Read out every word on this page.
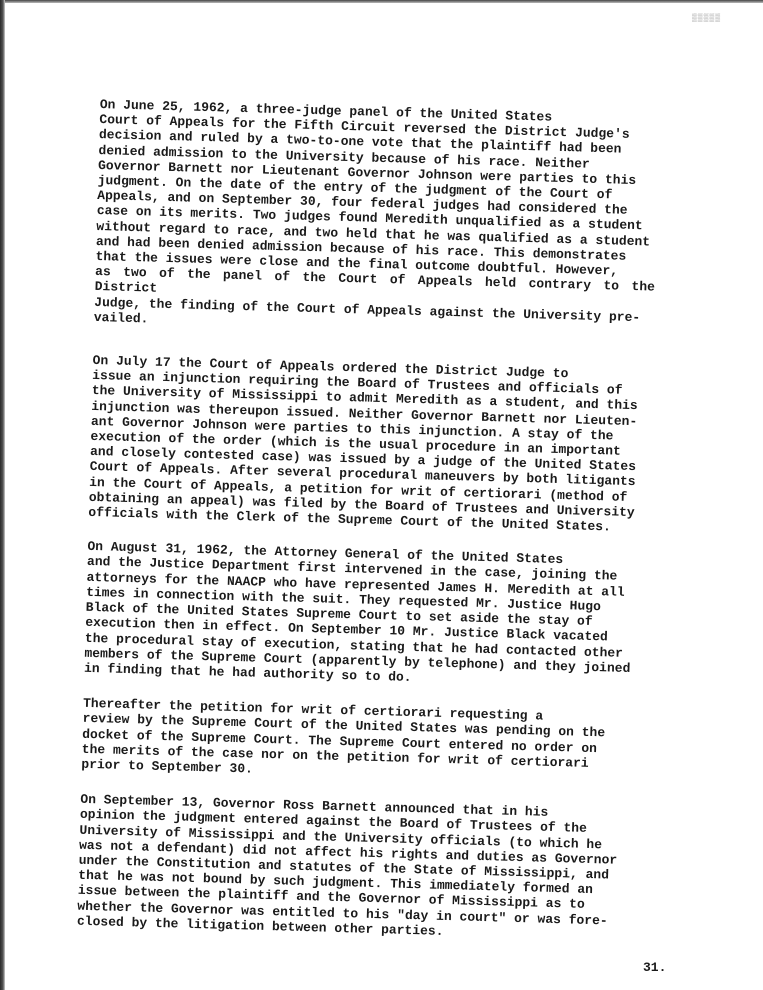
▒▒▒▒▒

On June 25, 1962, a three-judge panel of the United States
Court of Appeals for the Fifth Circuit reversed the District Judge's
decision and ruled by a two-to-one vote that the plaintiff had been
denied admission to the University because of his race. Neither
Governor Barnett nor Lieutenant Governor Johnson were parties to this
judgment. On the date of the entry of the judgment of the Court of
Appeals, and on September 30, four federal judges had considered the
case on its merits. Two judges found Meredith unqualified as a student
without regard to race, and two held that he was qualified as a student
and had been denied admission because of his race. This demonstrates
that the issues were close and the final outcome doubtful. However,
as two of the panel of the Court of Appeals held contrary to the District
Judge, the finding of the Court of Appeals against the University pre-
vailed.

On July 17 the Court of Appeals ordered the District Judge to
issue an injunction requiring the Board of Trustees and officials of
the University of Mississippi to admit Meredith as a student, and this
injunction was thereupon issued. Neither Governor Barnett nor Lieuten-
ant Governor Johnson were parties to this injunction. A stay of the
execution of the order (which is the usual procedure in an important
and closely contested case) was issued by a judge of the United States
Court of Appeals. After several procedural maneuvers by both litigants
in the Court of Appeals, a petition for writ of certiorari (method of
obtaining an appeal) was filed by the Board of Trustees and University
officials with the Clerk of the Supreme Court of the United States.

On August 31, 1962, the Attorney General of the United States
and the Justice Department first intervened in the case, joining the
attorneys for the NAACP who have represented James H. Meredith at all
times in connection with the suit. They requested Mr. Justice Hugo
Black of the United States Supreme Court to set aside the stay of
execution then in effect. On September 10 Mr. Justice Black vacated
the procedural stay of execution, stating that he had contacted other
members of the Supreme Court (apparently by telephone) and they joined
in finding that he had authority so to do.

Thereafter the petition for writ of certiorari requesting a
review by the Supreme Court of the United States was pending on the
docket of the Supreme Court. The Supreme Court entered no order on
the merits of the case nor on the petition for writ of certiorari
prior to September 30.

On September 13, Governor Ross Barnett announced that in his
opinion the judgment entered against the Board of Trustees of the
University of Mississippi and the University officials (to which he
was not a defendant) did not affect his rights and duties as Governor
under the Constitution and statutes of the State of Mississippi, and
that he was not bound by such judgment. This immediately formed an
issue between the plaintiff and the Governor of Mississippi as to
whether the Governor was entitled to his "day in court" or was fore-
closed by the litigation between other parties.

31.
